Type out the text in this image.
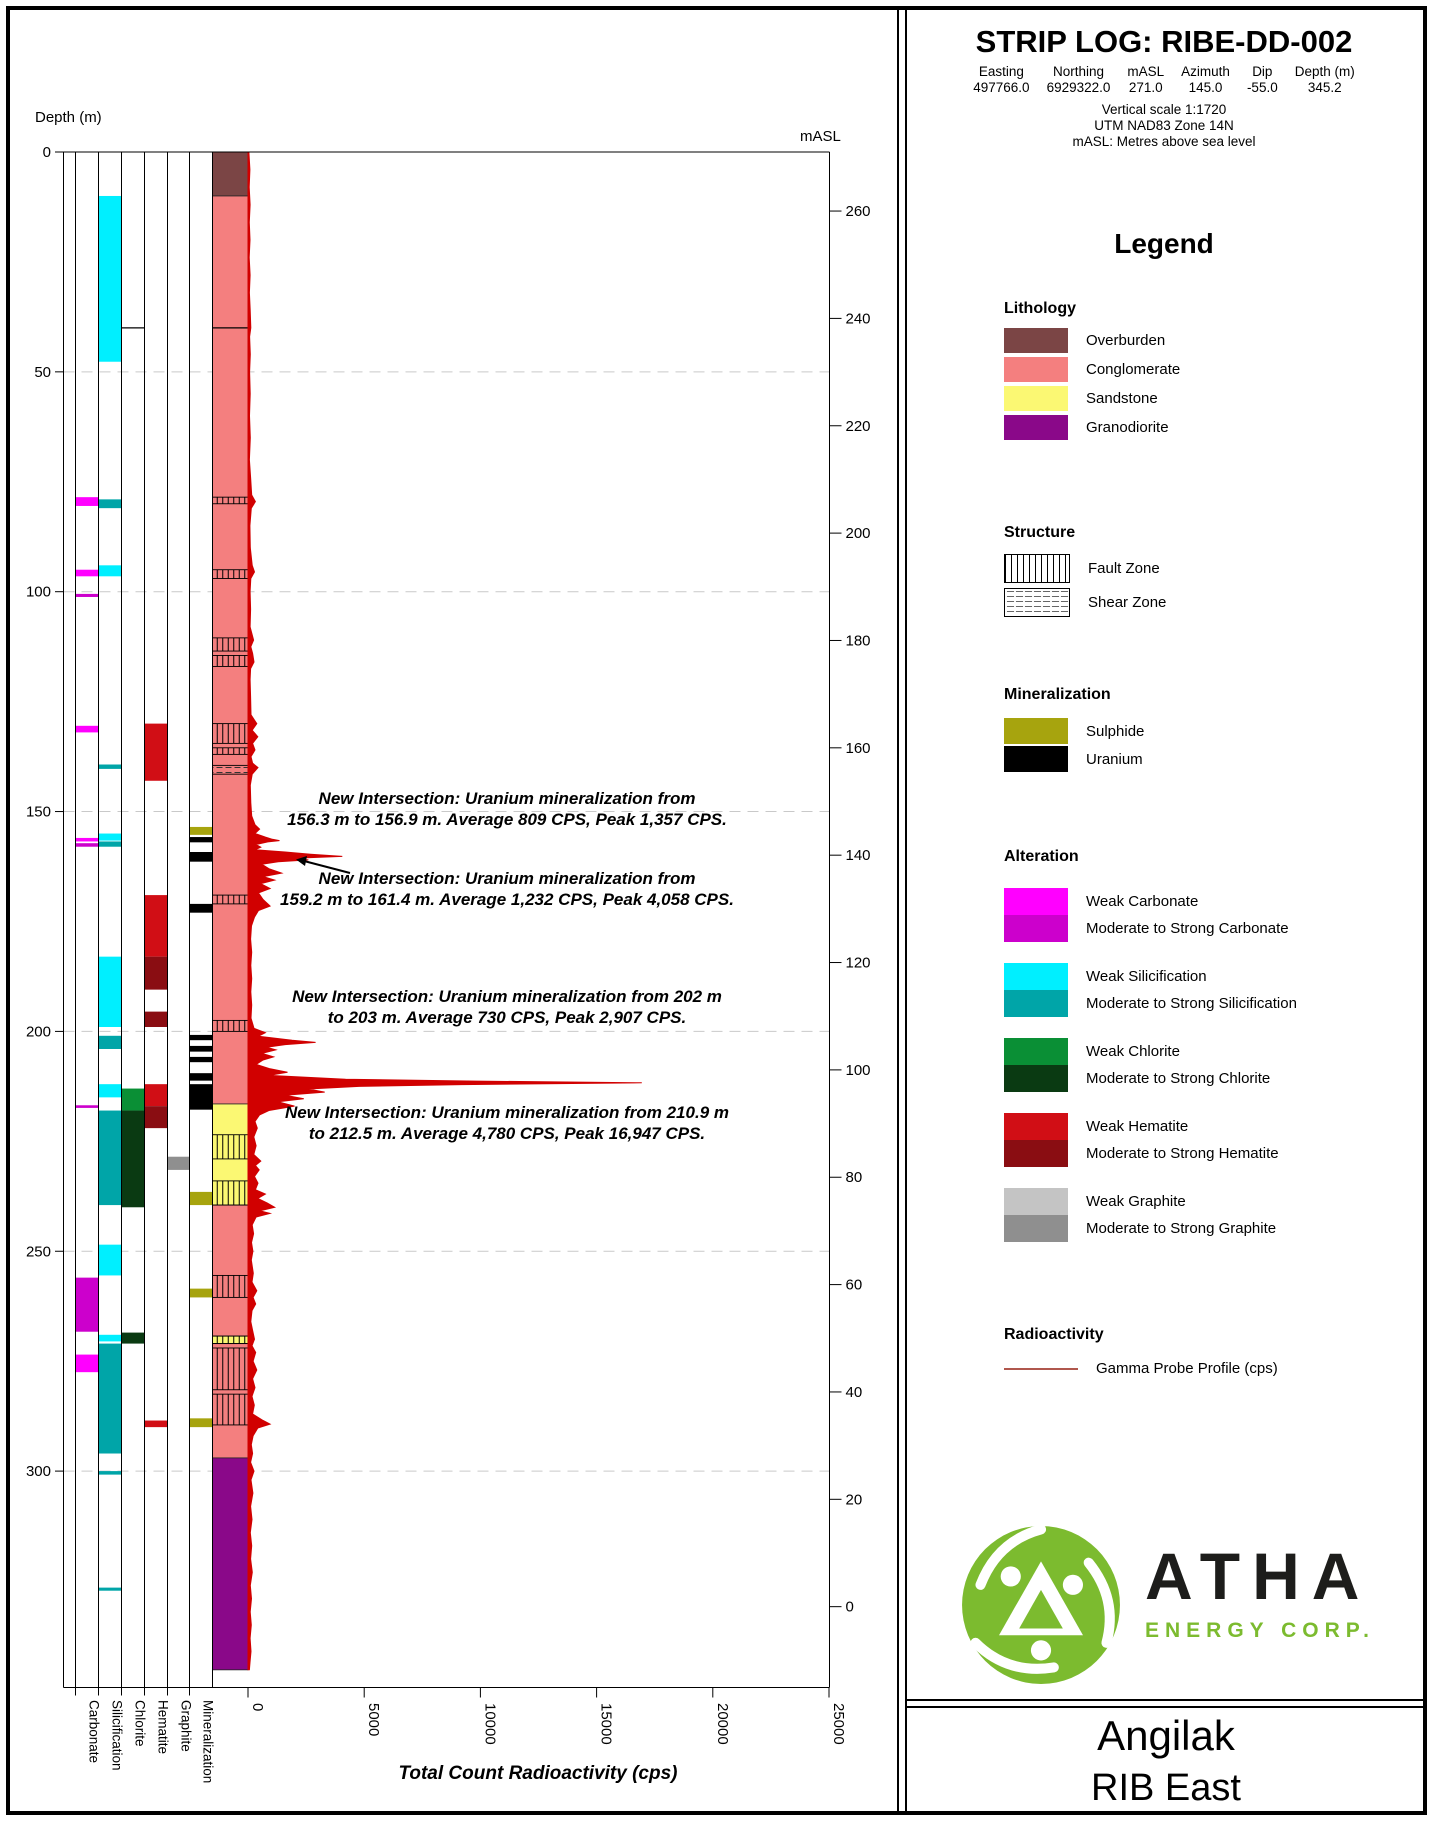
Depth (m)
0
50
100
150
200
250
300
mASL
260
240
220
200
180
160
140
120
100
80
60
40
20
0
0	5000	10000	15000	20000	25000
Total Count Radioactivity (cps)
Carbonate Silicification Chlorite Hematite Graphite Mineralization
New Intersection: Uranium mineralization from
156.3 m to 156.9 m. Average 809 CPS, Peak 1,357 CPS.
New Intersection: Uranium mineralization from
159.2 m to 161.4 m. Average 1,232 CPS, Peak 4,058 CPS.
New Intersection: Uranium mineralization from 202 m
to 203 m. Average 730 CPS, Peak 2,907 CPS.
New Intersection: Uranium mineralization from 210.9 m
to 212.5 m. Average 4,780 CPS, Peak 16,947 CPS.
STRIP LOG: RIBE-DD-002
Easting
497766.0
Northing
6929322.0
mASL
271.0
Azimuth
145.0
Dip
-55.0
Depth (m)
345.2
Vertical scale 1:1720
UTM NAD83 Zone 14N
mASL: Metres above sea level
Legend
Lithology
Overburden
Conglomerate
Sandstone
Granodiorite
Structure
Fault Zone
Shear Zone
Mineralization
Sulphide
Uranium
Alteration
Weak Carbonate
Moderate to Strong Carbonate
Weak Silicification
Moderate to Strong Silicification
Weak Chlorite
Moderate to Strong Chlorite
Weak Hematite
Moderate to Strong Hematite
Weak Graphite
Moderate to Strong Graphite
Radioactivity
Gamma Probe Profile (cps)
ATHA
ENERGY CORP.
Angilak
RIB East
